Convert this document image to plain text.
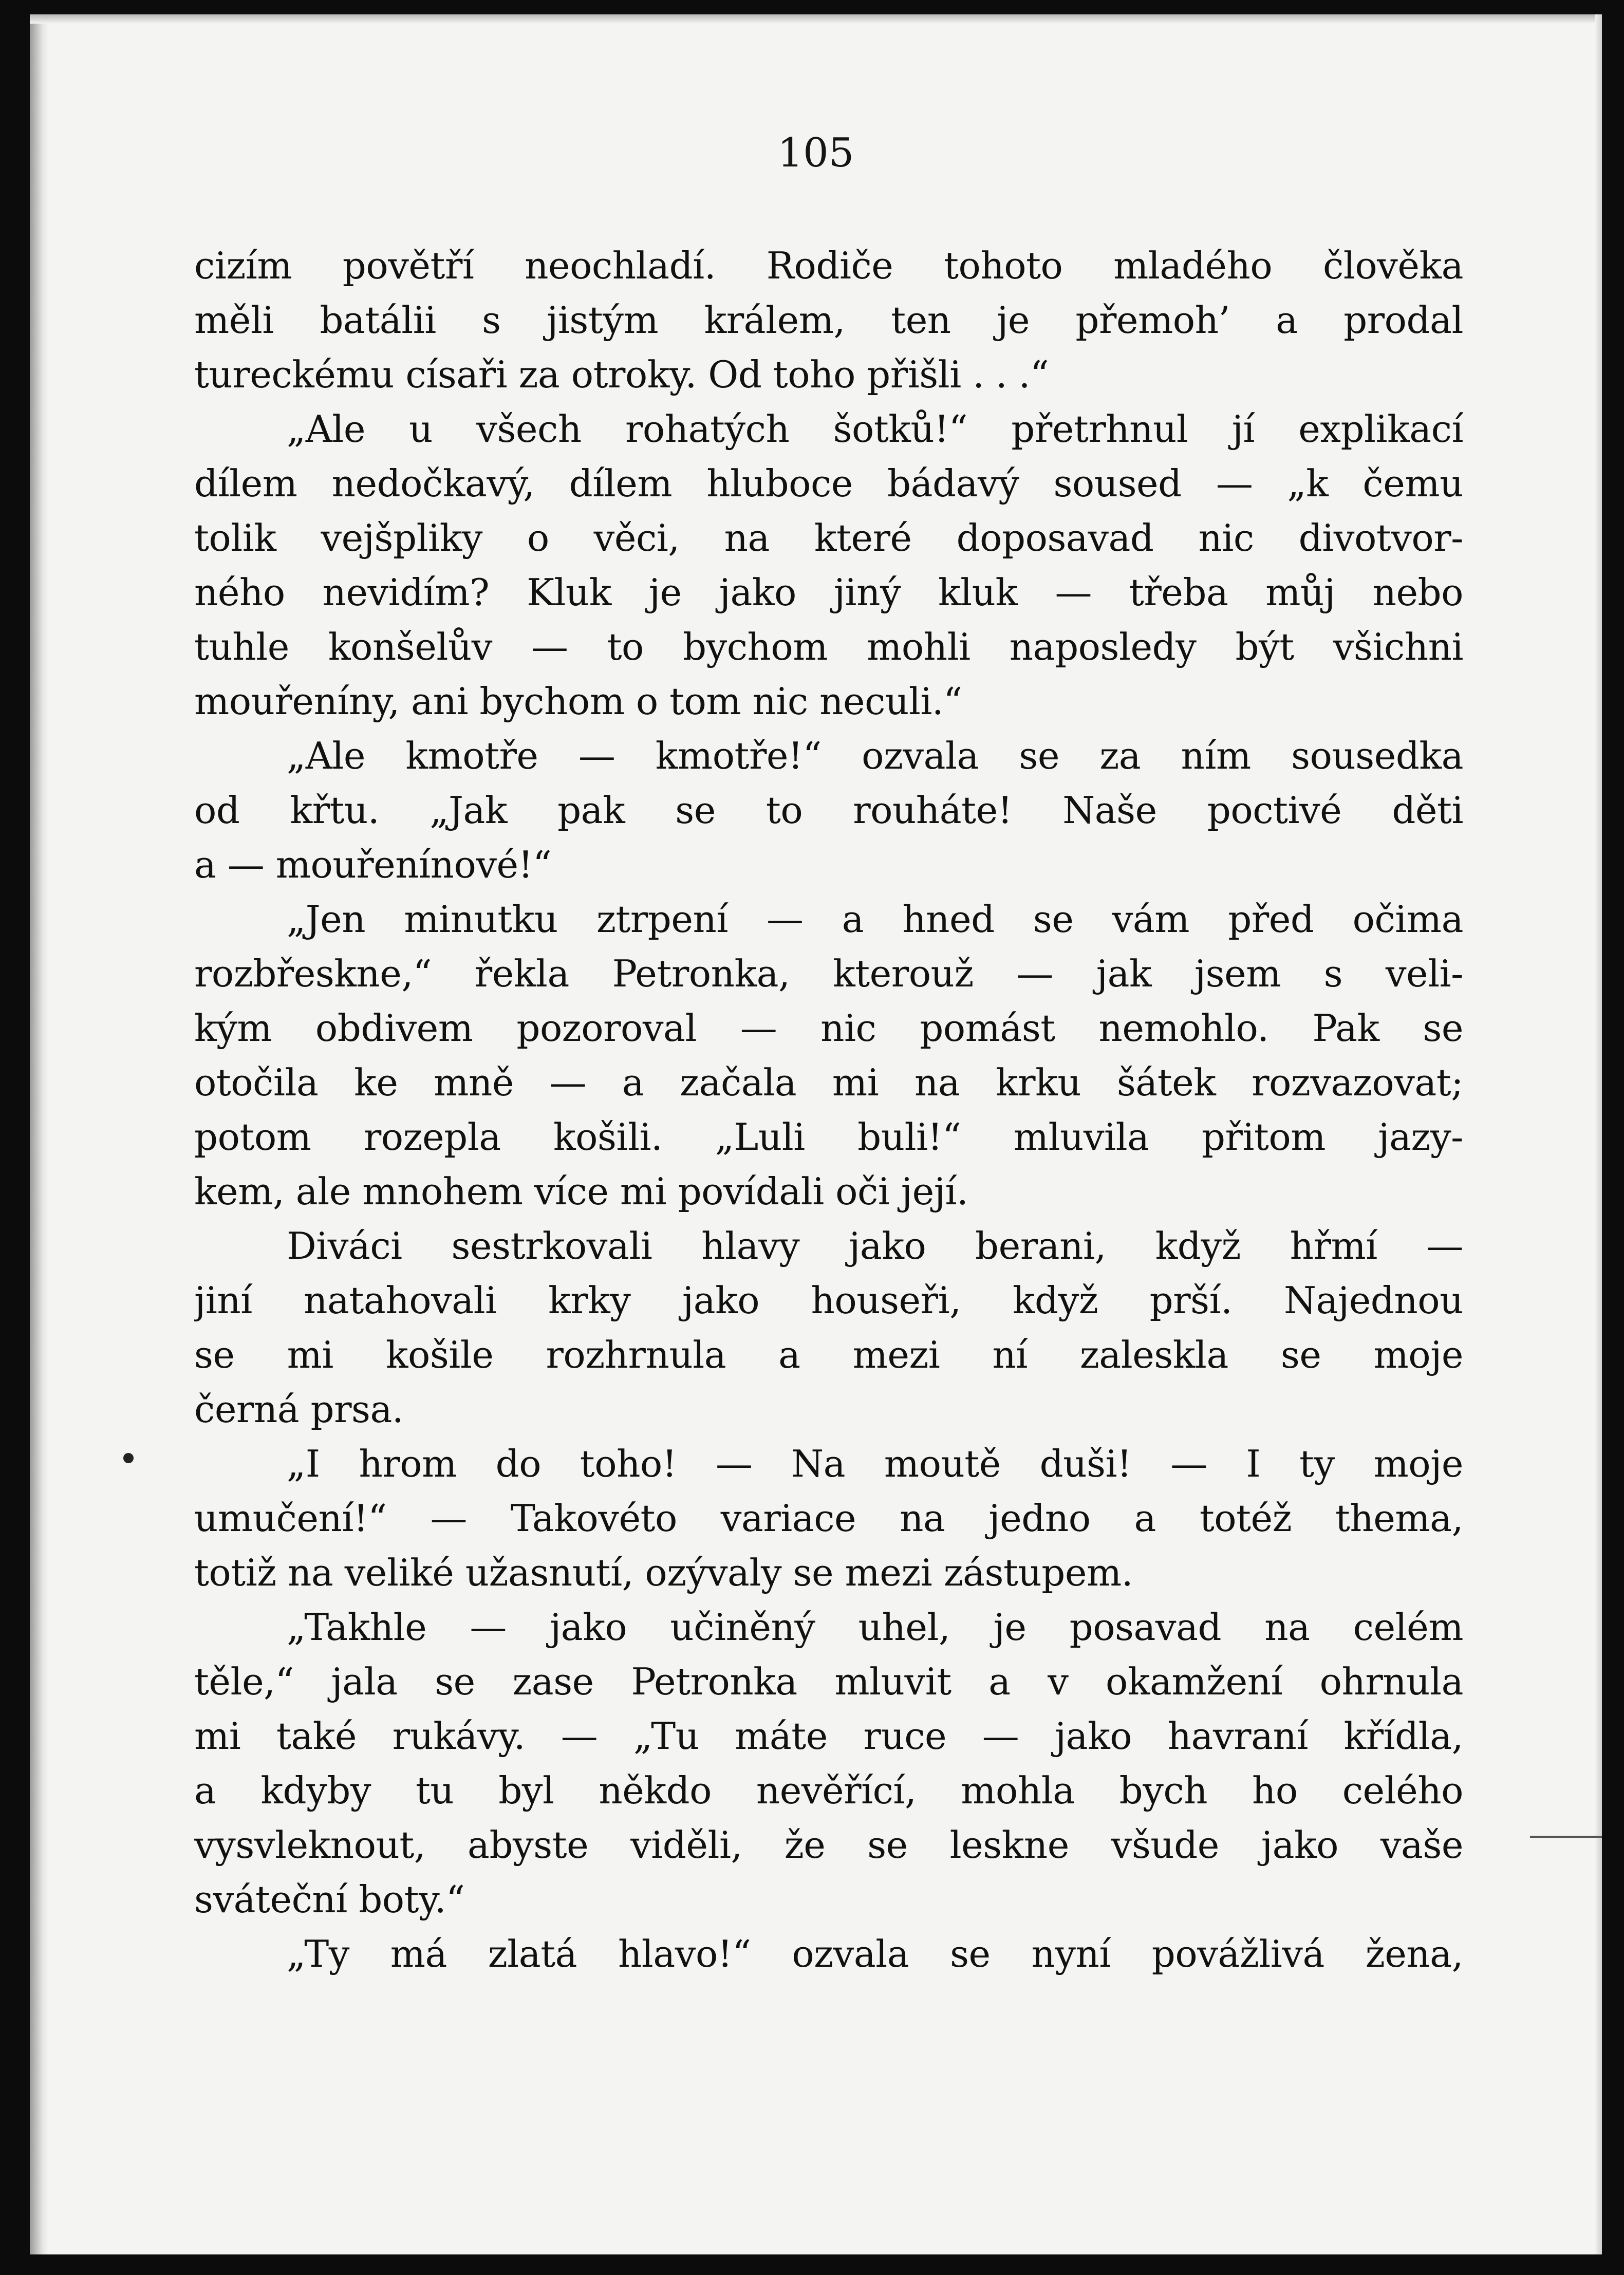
105

cizím povětří neochladí. Rodiče tohoto mladého člověka
měli batálii s jistým králem, ten je přemoh’ a prodal
tureckému císaři za otroky. Od toho přišli . . .“
„Ale u všech rohatých šotků!“ přetrhnul jí explikací
dílem nedočkavý, dílem hluboce bádavý soused — „k čemu
tolik vejšpliky o věci, na které doposavad nic divotvor-
ného nevidím? Kluk je jako jiný kluk — třeba můj nebo
tuhle konšelův — to bychom mohli naposledy být všichni
mouřeníny, ani bychom o tom nic neculi.“
„Ale kmotře — kmotře!“ ozvala se za ním sousedka
od křtu. „Jak pak se to rouháte! Naše poctivé děti
a — mouřenínové!“
„Jen minutku ztrpení — a hned se vám před očima
rozbřeskne,“ řekla Petronka, kterouž — jak jsem s veli-
kým obdivem pozoroval — nic pomást nemohlo. Pak se
otočila ke mně — a začala mi na krku šátek rozvazovat;
potom rozepla košili. „Luli buli!“ mluvila přitom jazy-
kem, ale mnohem více mi povídali oči její.
Diváci sestrkovali hlavy jako berani, když hřmí —
jiní natahovali krky jako houseři, když prší. Najednou
se mi košile rozhrnula a mezi ní zaleskla se moje
černá prsa.
„I hrom do toho! — Na moutě duši! — I ty moje
umučení!“ — Takovéto variace na jedno a totéž thema,
totiž na veliké užasnutí, ozývaly se mezi zástupem.
„Takhle — jako učiněný uhel, je posavad na celém
těle,“ jala se zase Petronka mluvit a v okamžení ohrnula
mi také rukávy. — „Tu máte ruce — jako havraní křídla,
a kdyby tu byl někdo nevěřící, mohla bych ho celého
vysvleknout, abyste viděli, že se leskne všude jako vaše
sváteční boty.“
„Ty má zlatá hlavo!“ ozvala se nyní povážlivá žena,
